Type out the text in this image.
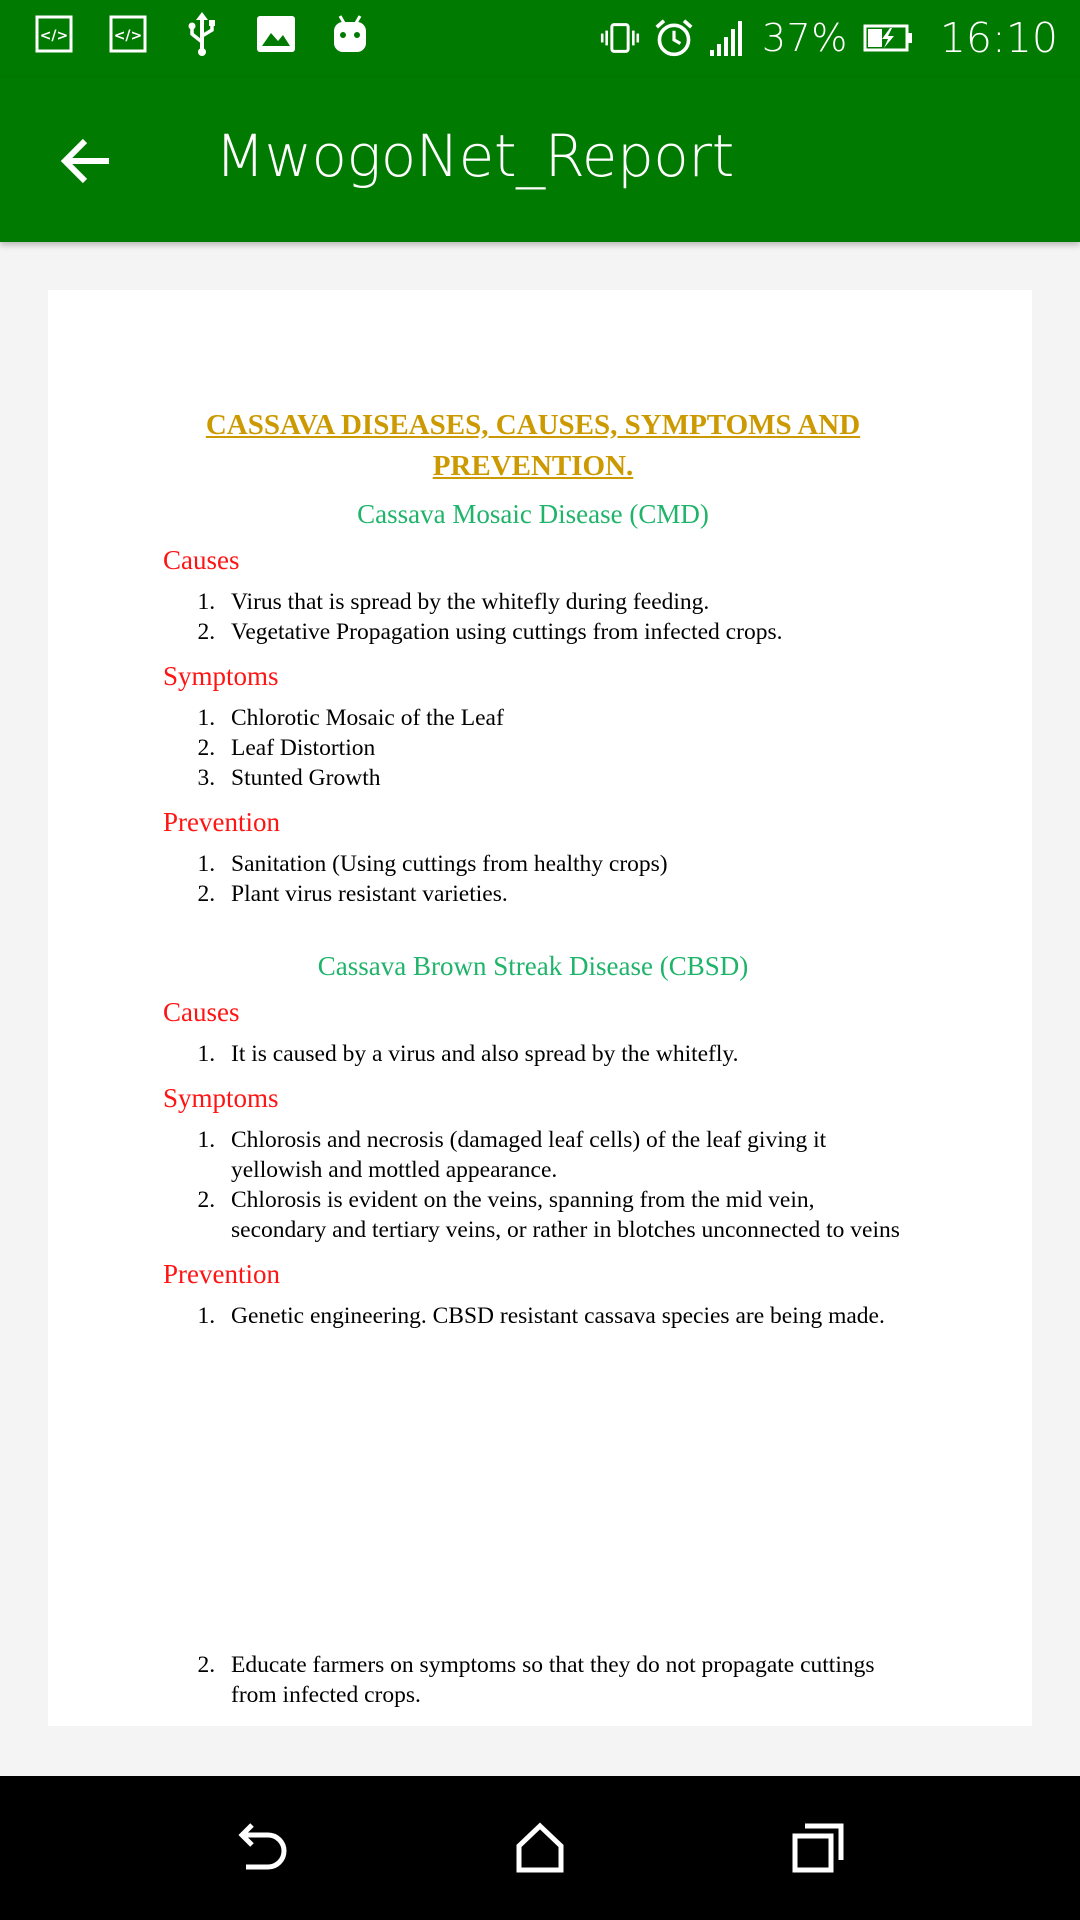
</>	</>	37% 16:10
MwogoNet_Report
CASSAVA DISEASES, CAUSES, SYMPTOMS AND PREVENTION.
Cassava Mosaic Disease (CMD)
Causes
1. Virus that is spread by the whitefly during feeding.
2. Vegetative Propagation using cuttings from infected crops.
Symptoms
1. Chlorotic Mosaic of the Leaf
2. Leaf Distortion
3. Stunted Growth
Prevention
1. Sanitation (Using cuttings from healthy crops)
2. Plant virus resistant varieties.
Cassava Brown Streak Disease (CBSD)
Causes
1. It is caused by a virus and also spread by the whitefly.
Symptoms
1. Chlorosis and necrosis (damaged leaf cells) of the leaf giving it yellowish and mottled appearance.
2. Chlorosis is evident on the veins, spanning from the mid vein, secondary and tertiary veins, or rather in blotches unconnected to veins
Prevention
1. Genetic engineering. CBSD resistant cassava species are being made.
2. Educate farmers on symptoms so that they do not propagate cuttings from infected crops.
